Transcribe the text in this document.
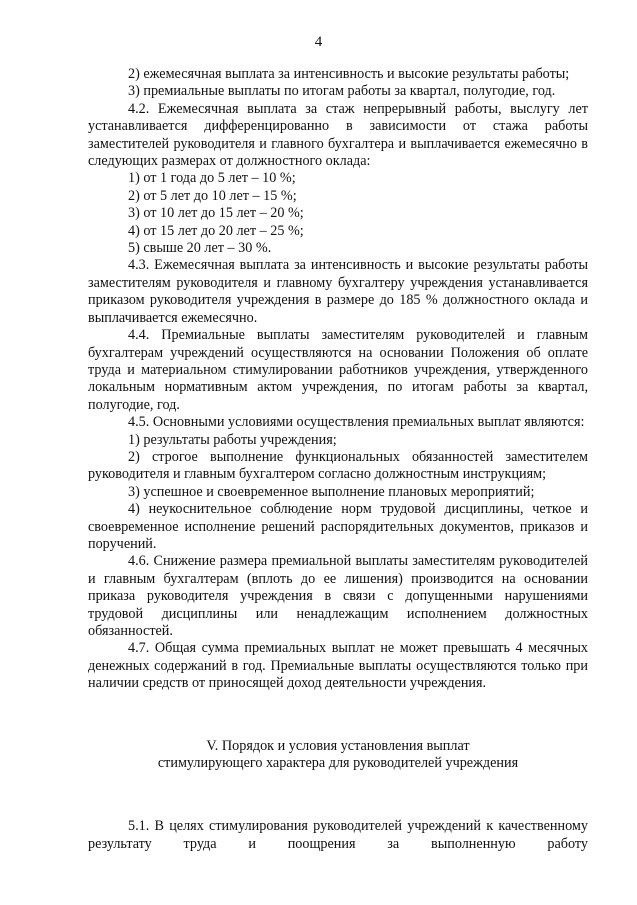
4

2) ежемесячная выплата за интенсивность и высокие результаты работы;

3) премиальные выплаты по итогам работы за квартал, полугодие, год.

4.2. Ежемесячная выплата за стаж непрерывный работы, выслугу лет устанавливается дифференцированно в зависимости от стажа работы заместителей руководителя и главного бухгалтера и выплачивается ежемесячно в следующих размерах от должностного оклада:

1) от 1 года до 5 лет – 10 %;

2) от 5 лет до 10 лет – 15 %;

3) от 10 лет до 15 лет – 20 %;

4) от 15 лет до 20 лет – 25 %;

5) свыше 20 лет – 30 %.

4.3. Ежемесячная выплата за интенсивность и высокие результаты работы заместителям руководителя и главному бухгалтеру учреждения устанавливается приказом руководителя учреждения в размере до 185 % должностного оклада и выплачивается ежемесячно.

4.4. Премиальные выплаты заместителям руководителей и главным бухгалтерам учреждений осуществляются на основании Положения об оплате труда и материальном стимулировании работников учреждения, утвержденного локальным нормативным актом учреждения, по итогам работы за квартал, полугодие, год.

4.5. Основными условиями осуществления премиальных выплат являются:

1) результаты работы учреждения;

2) строгое выполнение функциональных обязанностей заместителем руководителя и главным бухгалтером согласно должностным инструкциям;

3) успешное и своевременное выполнение плановых мероприятий;

4) неукоснительное соблюдение норм трудовой дисциплины, четкое и своевременное исполнение решений распорядительных документов, приказов и поручений.

4.6. Снижение размера премиальной выплаты заместителям руководителей и главным бухгалтерам (вплоть до ее лишения) производится на основании приказа руководителя учреждения в связи с допущенными нарушениями трудовой дисциплины или ненадлежащим исполнением должностных обязанностей.

4.7. Общая сумма премиальных выплат не может превышать 4 месячных денежных содержаний в год. Премиальные выплаты осуществляются только при наличии средств от приносящей доход деятельности учреждения.

V. Порядок и условия установления выплат

стимулирующего характера для руководителей учреждения

5.1. В целях стимулирования руководителей учреждений к качественному результату труда и поощрения за выполненную работу
